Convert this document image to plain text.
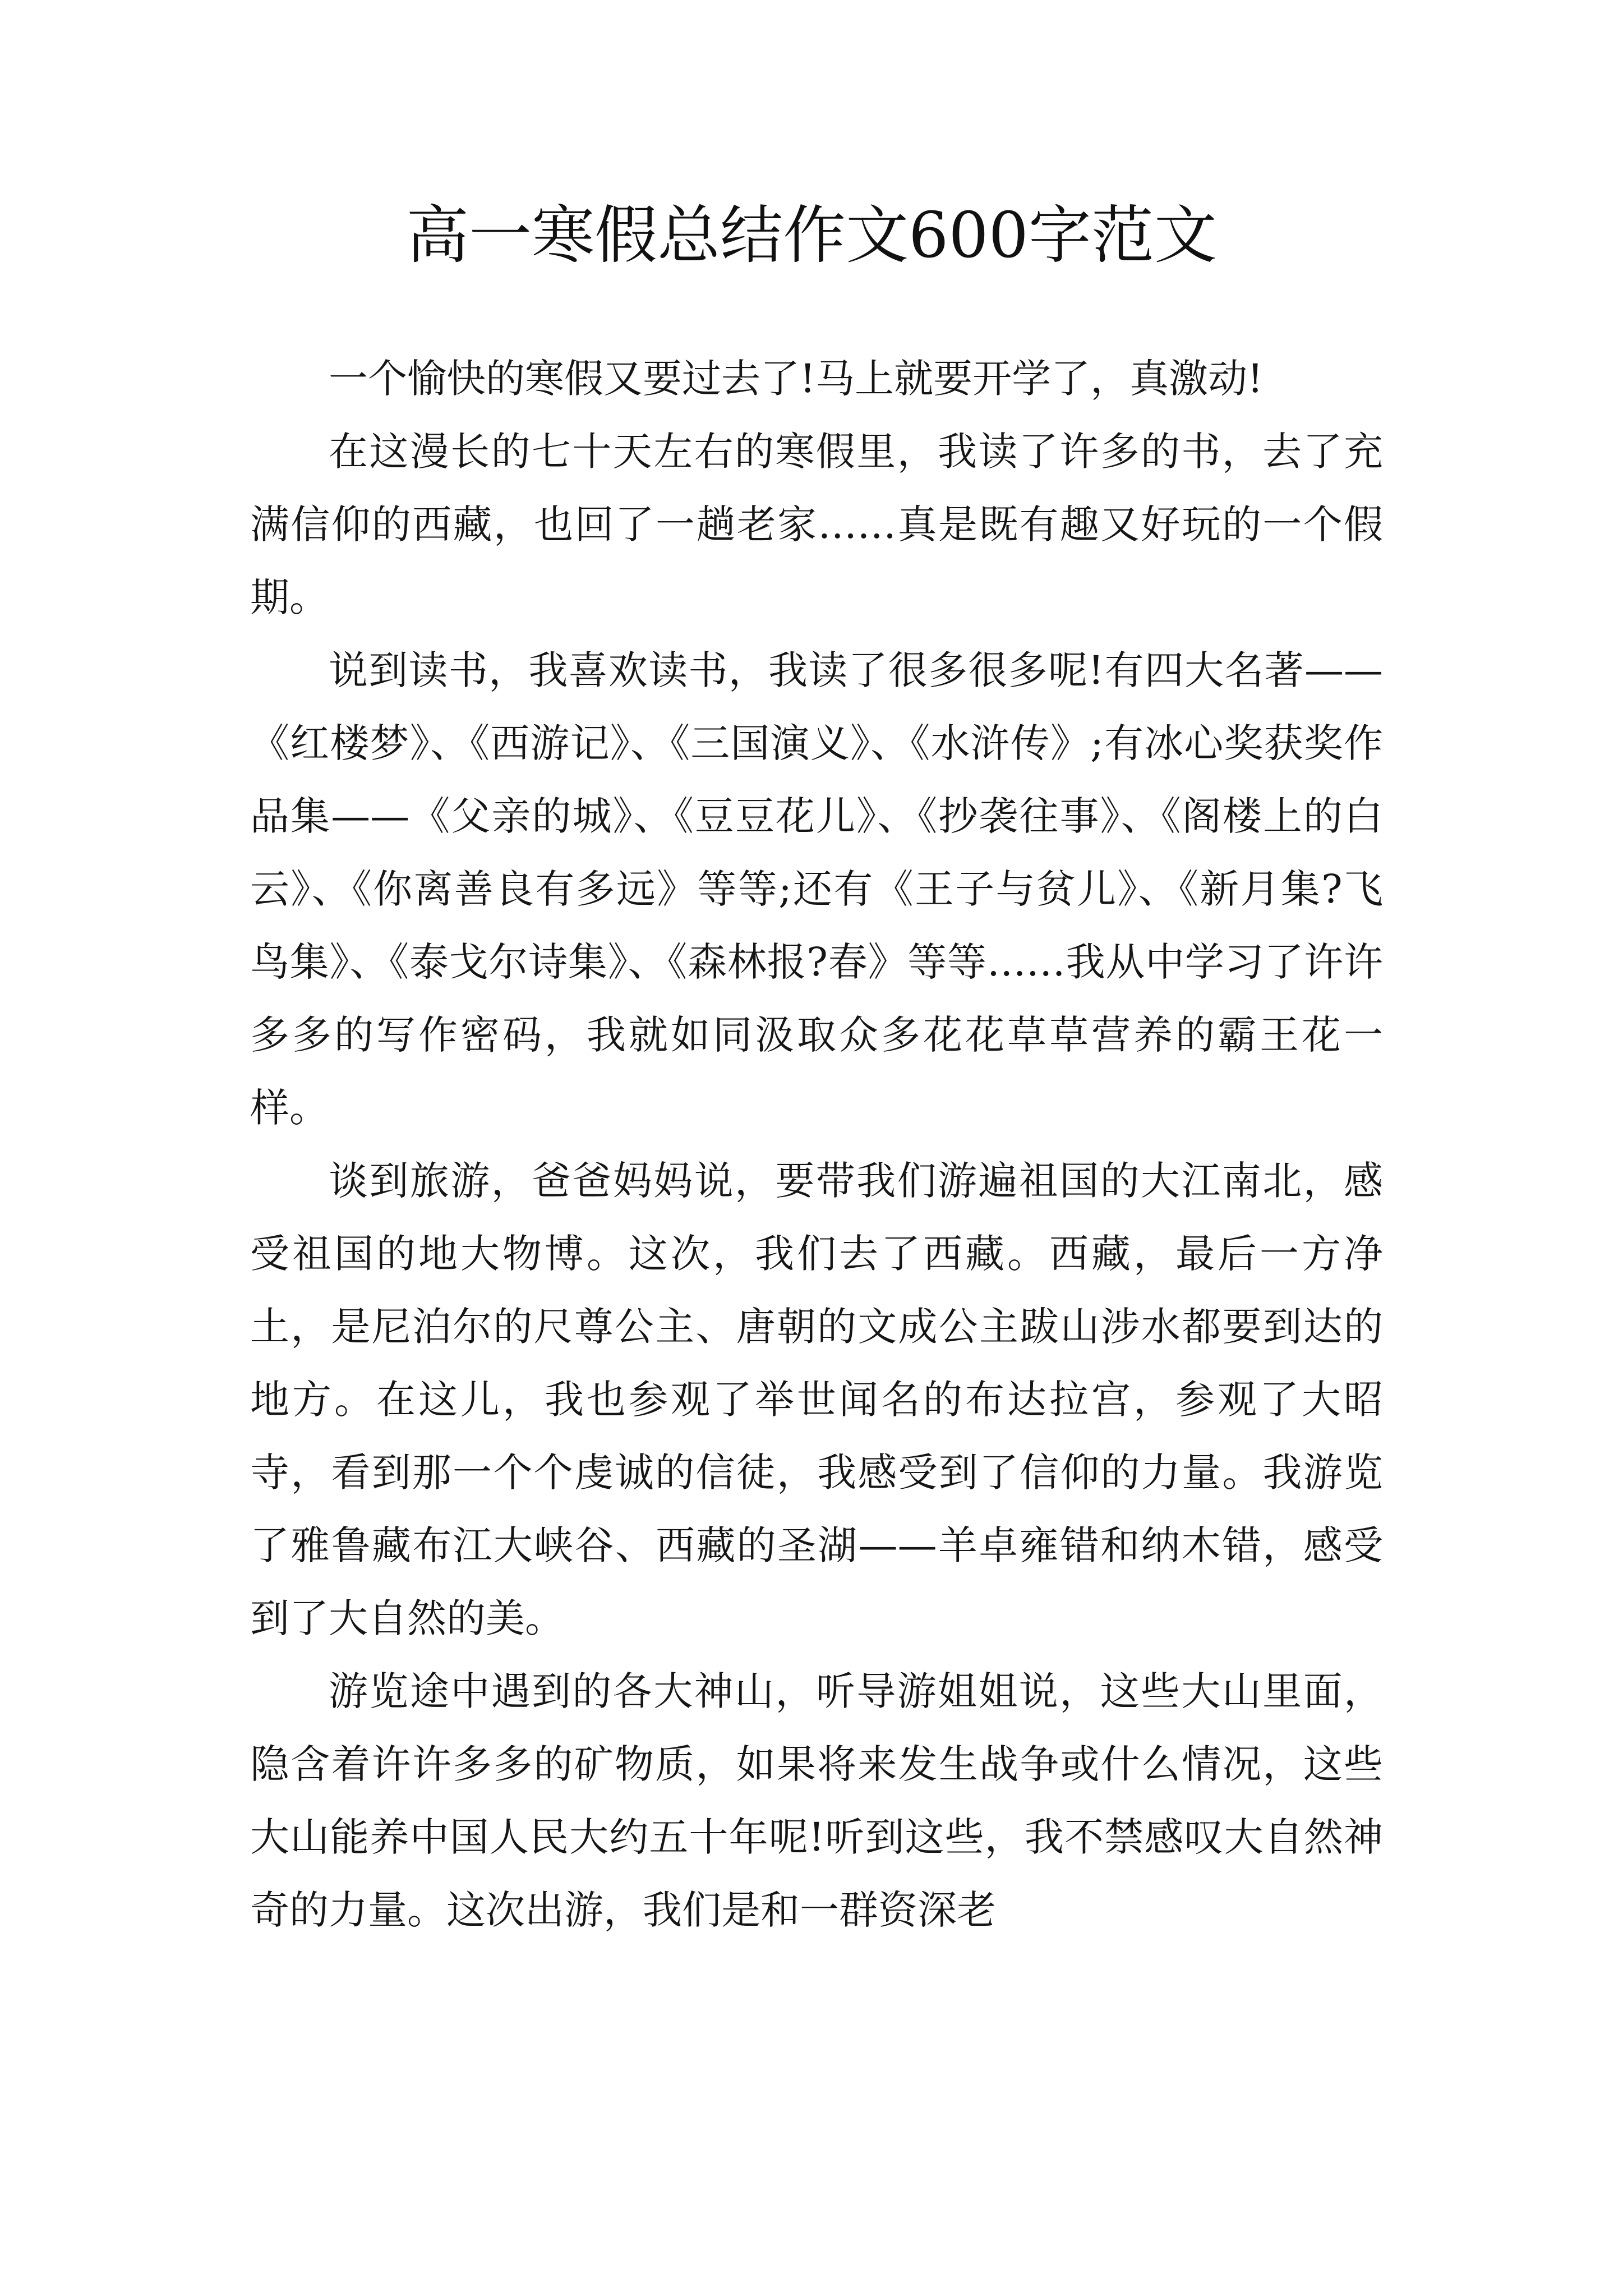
高一寒假总结作文600字范文

一个愉快的寒假又要过去了!马上就要开学了，真激动!

在这漫长的七十天左右的寒假里，我读了许多的书，去了充满信仰的西藏，也回了一趟老家……真是既有趣又好玩的一个假期。

说到读书，我喜欢读书，我读了很多很多呢!有四大名著——《红楼梦》、《西游记》、《三国演义》、《水浒传》;有冰心奖获奖作品集——《父亲的城》、《豆豆花儿》、《抄袭往事》、《阁楼上的白云》、《你离善良有多远》等等;还有《王子与贫儿》、《新月集?飞鸟集》、《泰戈尔诗集》、《森林报?春》等等……我从中学习了许许多多的写作密码，我就如同汲取众多花花草草营养的霸王花一样。

谈到旅游，爸爸妈妈说，要带我们游遍祖国的大江南北，感受祖国的地大物博。这次，我们去了西藏。西藏，最后一方净土，是尼泊尔的尺尊公主、唐朝的文成公主跋山涉水都要到达的地方。在这儿，我也参观了举世闻名的布达拉宫，参观了大昭寺，看到那一个个虔诚的信徒，我感受到了信仰的力量。我游览了雅鲁藏布江大峡谷、西藏的圣湖——羊卓雍错和纳木错，感受到了大自然的美。

游览途中遇到的各大神山，听导游姐姐说，这些大山里面，隐含着许许多多的矿物质，如果将来发生战争或什么情况，这些大山能养中国人民大约五十年呢!听到这些，我不禁感叹大自然神奇的力量。这次出游，我们是和一群资深老
